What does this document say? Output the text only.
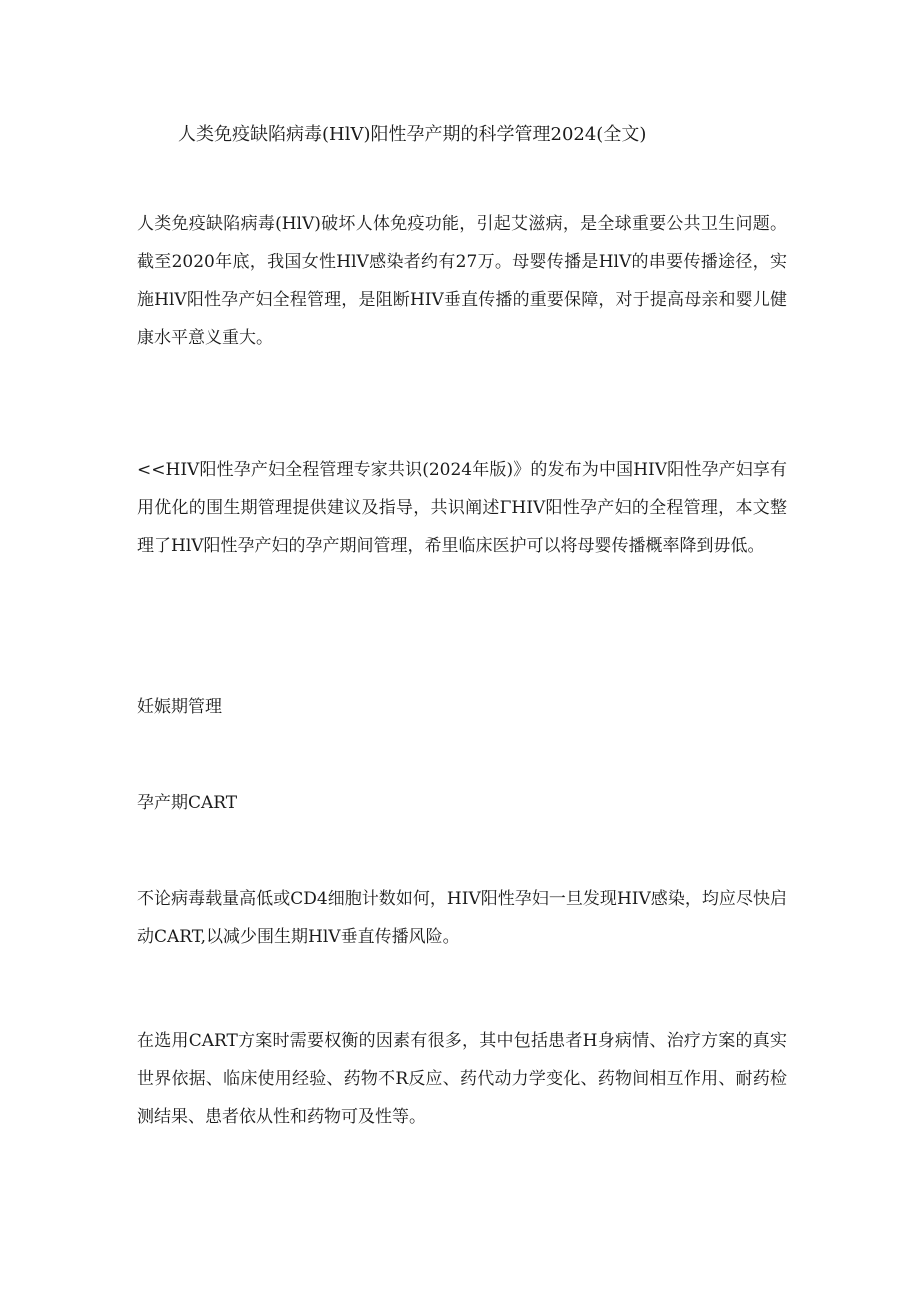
人类免疫缺陷病毒(HlV)阳性孕产期的科学管理2024(全文)

人类免疫缺陷病毒(HlV)破坏人体免疫功能，引起艾滋病，是全球重要公共卫生问题。截至2020年底，我国女性HlV感染者约有27万。母婴传播是HlV的串要传播途径，实施HlV阳性孕产妇全程管理，是阻断HIV垂直传播的重要保障，对于提高母亲和婴儿健康水平意义重大。

<<HIV阳性孕产妇全程管理专家共识(2024年版)》的发布为中国HIV阳性孕产妇享有用优化的围生期管理提供建议及指导，共识阐述ΓHIV阳性孕产妇的全程管理，本文整理了HlV阳性孕产妇的孕产期间管理，希里临床医护可以将母婴传播概率降到毋低。

妊娠期管理
孕产期CART

不论病毒载量高低或CD4细胞计数如何，HIV阳性孕妇一旦发现HIV感染，均应尽快启动CART,以减少围生期HlV垂直传播风险。

在选用CART方案时需要权衡的因素有很多，其中包括患者H身病情、治疗方案的真实世界依据、临床使用经验、药物不R反应、药代动力学变化、药物间相互作用、耐药检测结果、患者依从性和药物可及性等。
